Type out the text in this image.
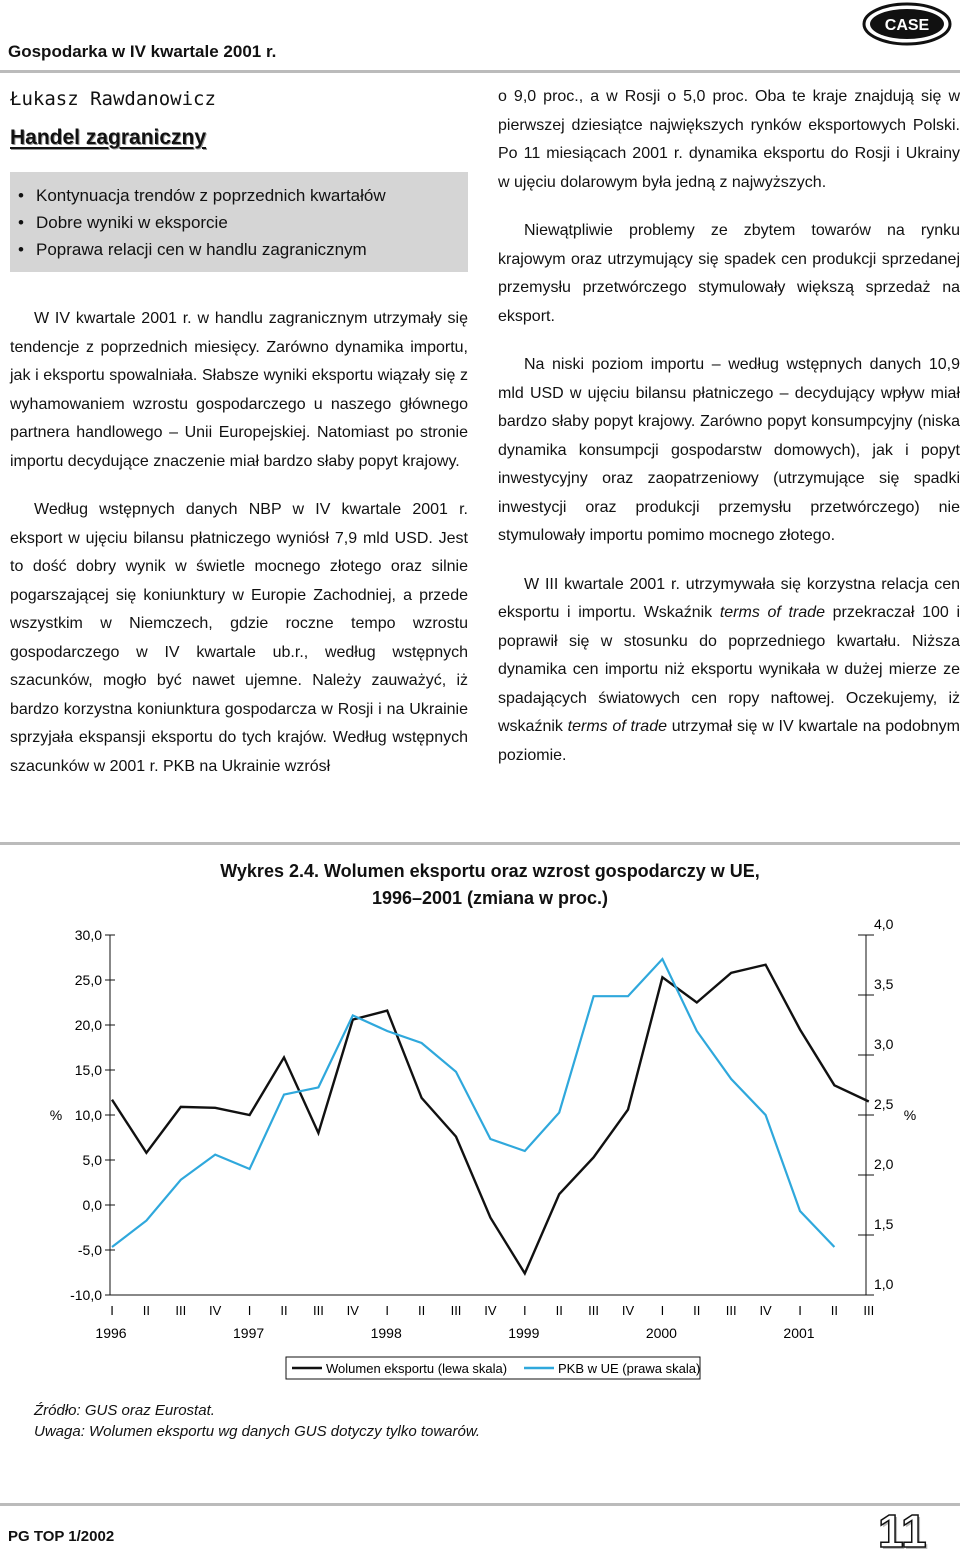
Gospodarka w IV kwartale 2001 r.
CASE
Łukasz Rawdanowicz
Handel zagraniczny
• Kontynuacja trendów z poprzednich kwartałów
• Dobre wyniki w eksporcie
• Poprawa relacji cen w handlu zagranicznym

W IV kwartale 2001 r. w handlu zagranicznym utrzymały się tendencje z poprzednich miesięcy. Zarówno dynamika importu, jak i eksportu spowalniała. Słabsze wyniki eksportu wiązały się z wyhamowaniem wzrostu gospodarczego u naszego głównego partnera handlowego – Unii Europejskiej. Natomiast po stronie importu decydujące znaczenie miał bardzo słaby popyt krajowy.

Według wstępnych danych NBP w IV kwartale 2001 r. eksport w ujęciu bilansu płatniczego wyniósł 7,9 mld USD. Jest to dość dobry wynik w świetle mocnego złotego oraz silnie pogarszającej się koniunktury w Europie Zachodniej, a przede wszystkim w Niemczech, gdzie roczne tempo wzrostu gospodarczego w IV kwartale ub.r., według wstępnych szacunków, mogło być nawet ujemne. Należy zauważyć, iż bardzo korzystna koniunktura gospodarcza w Rosji i na Ukrainie sprzyjała ekspansji eksportu do tych krajów. Według wstępnych szacunków w 2001 r. PKB na Ukrainie wzrósł

o 9,0 proc., a w Rosji o 5,0 proc. Oba te kraje znajdują się w pierwszej dziesiątce największych rynków eksportowych Polski. Po 11 miesiącach 2001 r. dynamika eksportu do Rosji i Ukrainy w ujęciu dolarowym była jedną z najwyższych.

Niewątpliwie problemy ze zbytem towarów na rynku krajowym oraz utrzymujący się spadek cen produkcji sprzedanej przemysłu przetwórczego stymulowały większą sprzedaż na eksport.

Na niski poziom importu – według wstępnych danych 10,9 mld USD w ujęciu bilansu płatniczego – decydujący wpływ miał bardzo słaby popyt krajowy. Zarówno popyt konsumpcyjny (niska dynamika konsumpcji gospodarstw domowych), jak i popyt inwestycyjny oraz zaopatrzeniowy (utrzymujące się spadki inwestycji oraz produkcji przemysłu przetwórczego) nie stymulowały importu pomimo mocnego złotego.

W III kwartale 2001 r. utrzymywała się korzystna relacja cen eksportu i importu. Wskaźnik terms of trade przekraczał 100 i poprawił się w stosunku do poprzedniego kwartału. Niższa dynamika cen importu niż eksportu wynikała w dużej mierze ze spadających światowych cen ropy naftowej. Oczekujemy, iż wskaźnik terms of trade utrzymał się w IV kwartale na podobnym poziomie.

Wykres 2.4. Wolumen eksportu oraz wzrost gospodarczy w UE,
1996–2001 (zmiana w proc.)
30,0
25,0
20,0
15,0
10,0
5,0
0,0
-5,0
-10,0
4,0
3,5
3,0
2,5
2,0
1,5
1,0
%	%
I II III IV I II III IV I II III IV I II III IV I II III IV I II III
1996	1997	1998	1999	2000	2001
Wolumen eksportu (lewa skala)	PKB w UE (prawa skala)
Źródło: GUS oraz Eurostat.
Uwaga: Wolumen eksportu wg danych GUS dotyczy tylko towarów.
PG TOP 1/2002	11
